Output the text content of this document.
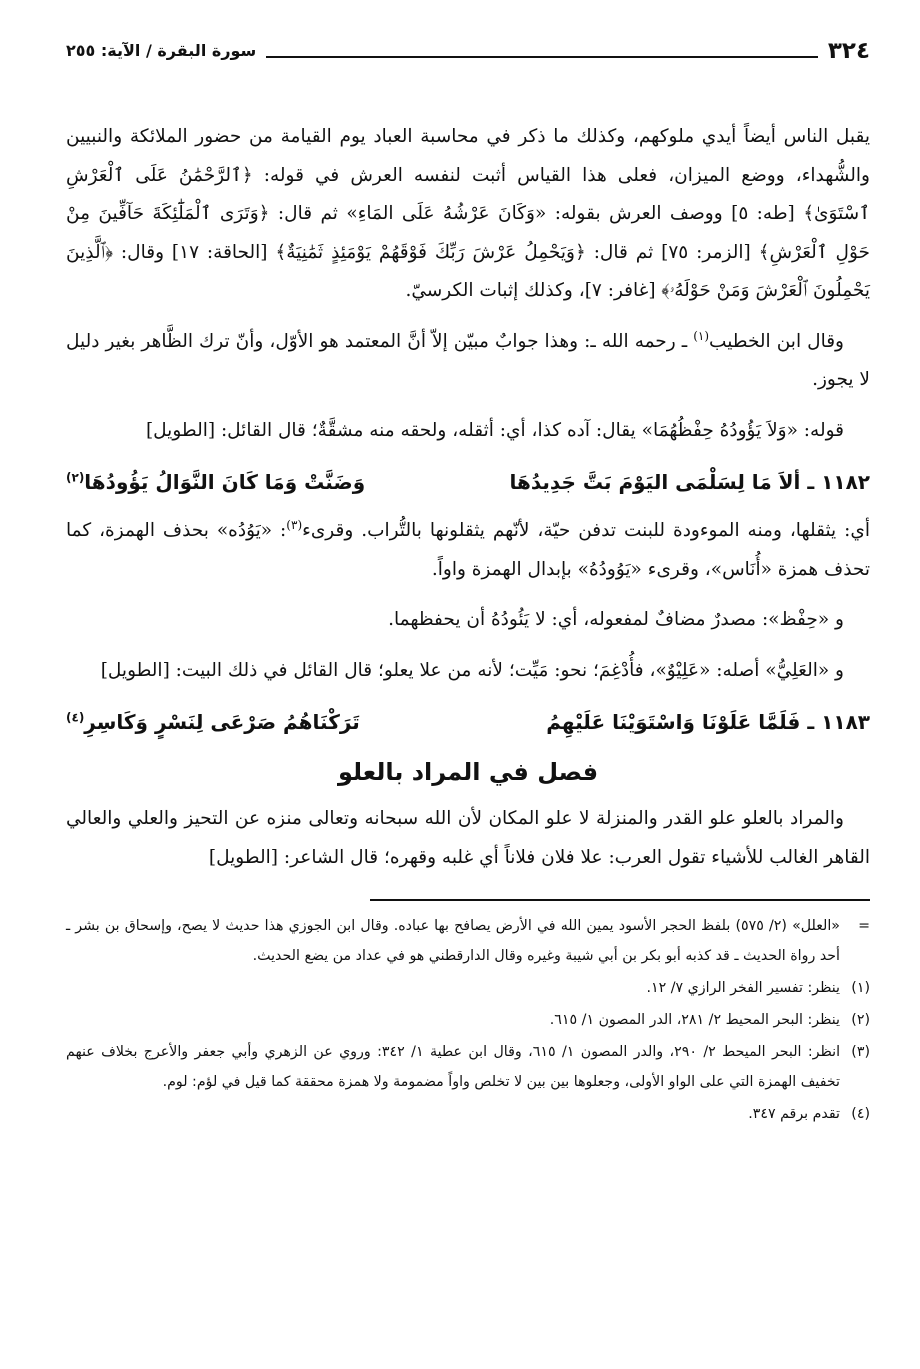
٣٢٤
سورة البقرة / الآية: ٢٥٥

يقبل الناس أيضاً أيدي ملوكهم، وكذلك ما ذكر في محاسبة العباد يوم القيامة من حضور الملائكة والنبيين والشُّهداء، ووضع الميزان، فعلى هذا القياس أثبت لنفسه العرش في قوله: ﴿ٱلرَّحْمَٰنُ عَلَى ٱلْعَرْشِ ٱسْتَوَىٰ﴾ [طه: ٥] ووصف العرش بقوله: «وَكَانَ عَرْشُهُ عَلَى المَاءِ» ثم قال: ﴿وَتَرَى ٱلْمَلَٰٓئِكَةَ حَآفِّينَ مِنْ حَوْلِ ٱلْعَرْشِ﴾ [الزمر: ٧٥] ثم قال: ﴿وَيَحْمِلُ عَرْشَ رَبِّكَ فَوْقَهُمْ يَوْمَئِذٍ ثَمَٰنِيَةٌ﴾ [الحاقة: ١٧] وقال: ﴿ٱلَّذِينَ يَحْمِلُونَ ٱلْعَرْشَ وَمَنْ حَوْلَهُۥ﴾ [غافر: ٧]، وكذلك إثبات الكرسيّ.

وقال ابن الخطيب$^{(١)}$ ـ رحمه الله ـ: وهذا جوابٌ مبيّن إلاّ أنَّ المعتمد هو الأوّل، وأنّ ترك الظَّاهر بغير دليل لا يجوز.

قوله: «وَلاَ يَؤُودُهُ حِفْظُهُمَا» يقال: آده كذا، أي: أثقله، ولحقه منه مشقَّةٌ؛ قال القائل: [الطويل]

١١٨٢ ـ ألاَ مَا لِسَلْمَى اليَوْمَ بَتَّ جَدِيدُهَا
وَضَنَّتْ وَمَا كَانَ النَّوَالُ يَؤُودُهَا$^{(٢)}$

أي: يثقلها، ومنه الموءودة للبنت تدفن حيّة، لأنّهم يثقلونها بالتُّراب. وقرىء$^{(٣)}$: «يَوُدُه» بحذف الهمزة، كما تحذف همزة «أُنَاس»، وقرىء «يَوُودُهُ» بإبدال الهمزة واواً.

و «حِفْظ»: مصدرٌ مضافٌ لمفعوله، أي: لا يَئُودُهُ أن يحفظهما.

و «العَلِيُّ» أصله: «عَلِيْوٌ»، فأُدْغِمَ؛ نحو: مَيِّت؛ لأنه من علا يعلو؛ قال القائل في ذلك البيت: [الطويل]

١١٨٣ ـ فَلَمَّا عَلَوْنَا وَاسْتَوَيْنَا عَلَيْهِمُ
تَرَكْنَاهُمُ صَرْعَى لِنَسْرٍ وَكَاسِرِ$^{(٤)}$
فصل في المراد بالعلو

والمراد بالعلو علو القدر والمنزلة لا علو المكان لأن الله سبحانه وتعالى منزه عن التحيز والعلي والعالي القاهر الغالب للأشياء تقول العرب: علا فلان فلاناً أي غلبه وقهره؛ قال الشاعر: [الطويل]

=
«العلل» (٢/ ٥٧٥) بلفظ الحجر الأسود يمين الله في الأرض يصافح بها عباده. وقال ابن الجوزي هذا حديث لا يصح، وإسحاق بن بشر ـ أحد رواة الحديث ـ قد كذبه أبو بكر بن أبي شيبة وغيره وقال الدارقطني هو في عداد من يضع الحديث.
(١)
ينظر: تفسير الفخر الرازي ٧/ ١٢.
(٢)
ينظر: البحر المحيط ٢/ ٢٨١، الدر المصون ١/ ٦١٥.
(٣)
انظر: البحر الميحط ٢/ ٢٩٠، والدر المصون ١/ ٦١٥، وقال ابن عطية ١/ ٣٤٢: وروي عن الزهري وأبي جعفر والأعرج بخلاف عنهم تخفيف الهمزة التي على الواو الأولى، وجعلوها بين بين لا تخلص واواً مضمومة ولا همزة محققة كما قيل في لؤم: لوم.
(٤)
تقدم برقم ٣٤٧.
